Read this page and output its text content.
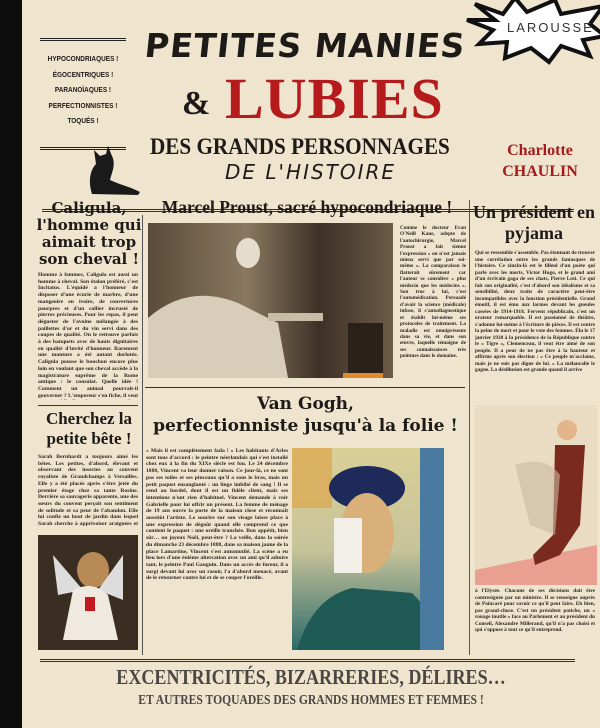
LAROUSSE
HYPOCONDRIAQUES !
ÉGOCENTRIQUES !
PARANOÏAQUES !
PERFECTIONNISTES !
TOQUÉS !
PETITES MANIES
& LUBIES
DES GRANDS PERSONNAGES
DE L'HISTOIRE
Charlotte
CHAULIN
Caligula, l'homme qui aimait trop son cheval !
Homme à femmes, Caligula est aussi un homme à cheval. Son étalon préféré, c'est Incitatus. L'équidé a l'honneur de disposer d'une écurie de marbre, d'une mangeoire en ivoire, de couvertures pourpres et d'un collier incrusté de pierres précieuses. Pour les repas, il peut déguster de l'avoine mélangée à des paillettes d'or et du vin servi dans des coupes de qualité. On le retrouve parfois à des banquets avec de hauts dignitaires en qualité d'invité d'honneur. Rarement une monture a été autant dorlotée. Caligula pousse le bouchon encore plus loin en voulant que son cheval accède à la magistrature suprême de la Rome antique : le consulat. Quelle idée ! Comment un animal pourrait-il gouverner ? L'empereur s'en fiche, il veut
Cherchez la petite bête !
Sarah Bernhardt a toujours aimé les bêtes. Les petites, d'abord, élevant et observant des insectes au couvent royaliste de Grandchamps à Versailles. Elle y a été placée après s'être jetée du premier étage chez sa tante Rosine. Derrière sa sauvagerie apparente, une des sœurs du couvent perçoit son sentiment de solitude et sa peur de l'abandon. Elle lui confie un bout de jardin dans lequel Sarah cherche à apprivoiser araignées et
Marcel Proust, sacré hypocondriaque !
Comme le docteur Evan O'Neill Kane, adepte de l'autochirurgie, Marcel Proust a fait sienne l'expression « on n'est jamais mieux servi que par soi-même ». La comparaison le flatterait sûrement car l'auteur se considère « plus médecin que les médecins ». Son truc à lui, c'est l'automédication. Persuadé d'avoir la science (médicale) infuse, il s'autodiagnostique et établit lui-même ses protocoles de traitement. La maladie est omniprésente dans sa vie, et dans son œuvre, laquelle témoigne de ses connaissances très pointues dans le domaine.
Van Gogh,
perfectionniste jusqu'à la folie !
« Mais il est complètement fada ! » Les habitants d'Arles sont tous d'accord : le peintre néerlandais qui s'est installé chez eux à la fin du XIXe siècle est fou. Le 24 décembre 1888, Vincent va leur donner raison. Ce jour-là, ce ne sont pas ses toiles et ses pinceaux qu'il a sous le bras, mais un petit paquet ensanglanté : un linge imbibé de sang ! Il se rend au bordel, dont il est un fidèle client, mais ses intentions n'ont rien d'habituel. Vincent demande à voir Gabrielle pour lui offrir un présent. La femme de ménage de 19 ans ouvre la porte de la maison close et reconnaît aussitôt l'artiste. Le sourire sur son visage laisse place à une expression de dégoût quand elle comprend ce que contient le paquet : une oreille tranchée. Bon appétit, bien sûr… ou joyeux Noël, peut-être ? La veille, dans la soirée du dimanche 23 décembre 1888, dans sa maison jaune de la place Lamartine, Vincent s'est automutilé. La scène a eu lieu lors d'une énième altercation avec un ami qu'il admire tant, le peintre Paul Gauguin. Dans un accès de fureur, il a surgi devant lui avec un rasoir, l'a d'abord menacé, avant de le retourner contre lui et de se couper l'oreille.
Un président en pyjama
Qui se ressemble s'assemble. Pas étonnant de trouver une corrélation entre les grands fantasques de l'histoire. Ce zinzin-là est le filleul d'un poète qui parle avec les morts, Victor Hugo, et le grand ami d'un écrivain gaga de ses chats, Pierre Loti. Ce qui fait son originalité, c'est d'abord son idéalisme et sa sensibilité, deux traits de caractère peut-être incompatibles avec la fonction présidentielle. Grand émotif, il est ému aux larmes devant les gueules cassées de 1914-1918. Fervent républicain, c'est un orateur remarquable. Il est passionné de théâtre, s'adonne lui-même à l'écriture de pièces. Il est contre la peine de mort et pour le vote des femmes. Élu le 17 janvier 1920 à la présidence de la République contre le « Tigre », Clemenceau, il veut être aimé de son peuple. Il a peur de ne pas être à la hauteur et affirme après son élection : « Ce peuple m'acclame, mais je ne suis pas digne de lui. » La mélancolie le gagne. La désillusion est grande quand il arrive
à l'Élysée. Chacune de ses décisions doit être contresignée par un ministre. Il se renseigne auprès de Poincaré pour savoir ce qu'il peut faire. Eh bien, pas grand-chose. C'est un président potiche, un « rouage inutile » face au Parlement et au président du Conseil, Alexandre Millerand, qu'il n'a pas choisi et qui s'oppose à tout ce qu'il entreprend.
EXCENTRICITÉS, BIZARRERIES, DÉLIRES…
ET AUTRES TOQUADES DES GRANDS HOMMES ET FEMMES !
